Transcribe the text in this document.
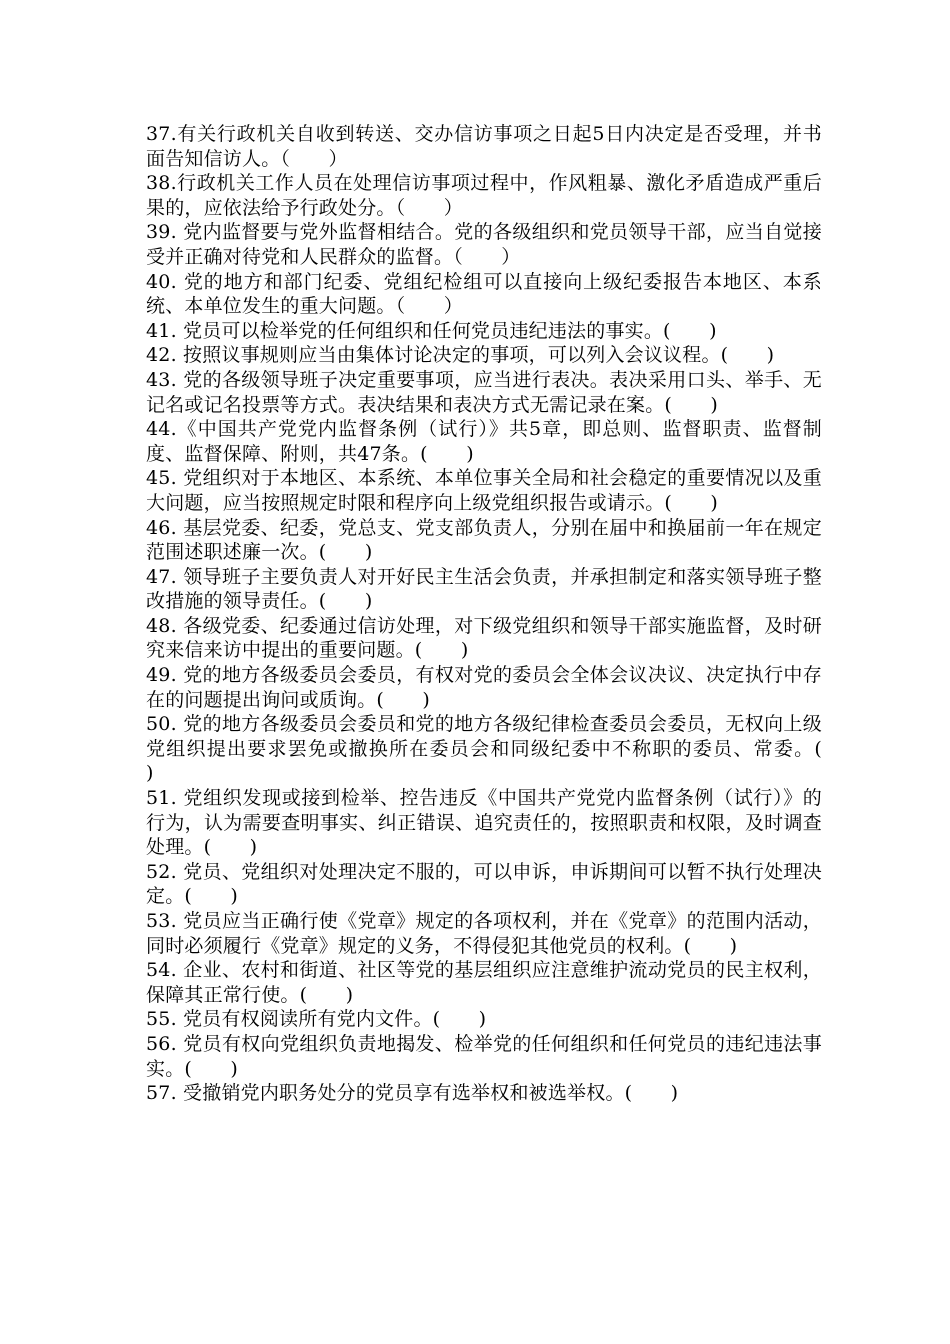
37.有关行政机关自收到转送、交办信访事项之日起5日内决定是否受理，并书面告知信访人。（　　）

38.行政机关工作人员在处理信访事项过程中，作风粗暴、激化矛盾造成严重后果的，应依法给予行政处分。（　　）

39. 党内监督要与党外监督相结合。党的各级组织和党员领导干部，应当自觉接受并正确对待党和人民群众的监督。（　　）

40. 党的地方和部门纪委、党组纪检组可以直接向上级纪委报告本地区、本系统、本单位发生的重大问题。（　　）

41. 党员可以检举党的任何组织和任何党员违纪违法的事实。(　　)

42. 按照议事规则应当由集体讨论决定的事项，可以列入会议议程。(　　)

43. 党的各级领导班子决定重要事项，应当进行表决。表决采用口头、举手、无记名或记名投票等方式。表决结果和表决方式无需记录在案。(　　)

44.《中国共产党党内监督条例（试行）》共5章，即总则、监督职责、监督制度、监督保障、附则，共47条。(　　)

45. 党组织对于本地区、本系统、本单位事关全局和社会稳定的重要情况以及重大问题，应当按照规定时限和程序向上级党组织报告或请示。(　　)

46. 基层党委、纪委，党总支、党支部负责人，分别在届中和换届前一年在规定范围述职述廉一次。(　　)

47. 领导班子主要负责人对开好民主生活会负责，并承担制定和落实领导班子整改措施的领导责任。(　　)

48. 各级党委、纪委通过信访处理，对下级党组织和领导干部实施监督，及时研究来信来访中提出的重要问题。(　　)

49. 党的地方各级委员会委员，有权对党的委员会全体会议决议、决定执行中存在的问题提出询问或质询。(　　)

50. 党的地方各级委员会委员和党的地方各级纪律检查委员会委员，无权向上级党组织提出要求罢免或撤换所在委员会和同级纪委中不称职的委员、常委。(　　)

51. 党组织发现或接到检举、控告违反《中国共产党党内监督条例（试行）》的行为，认为需要查明事实、纠正错误、追究责任的，按照职责和权限，及时调查处理。(　　)

52. 党员、党组织对处理决定不服的，可以申诉，申诉期间可以暂不执行处理决定。(　　)

53. 党员应当正确行使《党章》规定的各项权利，并在《党章》的范围内活动，同时必须履行《党章》规定的义务，不得侵犯其他党员的权利。(　　)

54. 企业、农村和街道、社区等党的基层组织应注意维护流动党员的民主权利，保障其正常行使。(　　)

55. 党员有权阅读所有党内文件。(　　)

56. 党员有权向党组织负责地揭发、检举党的任何组织和任何党员的违纪违法事实。(　　)

57. 受撤销党内职务处分的党员享有选举权和被选举权。(　　)
